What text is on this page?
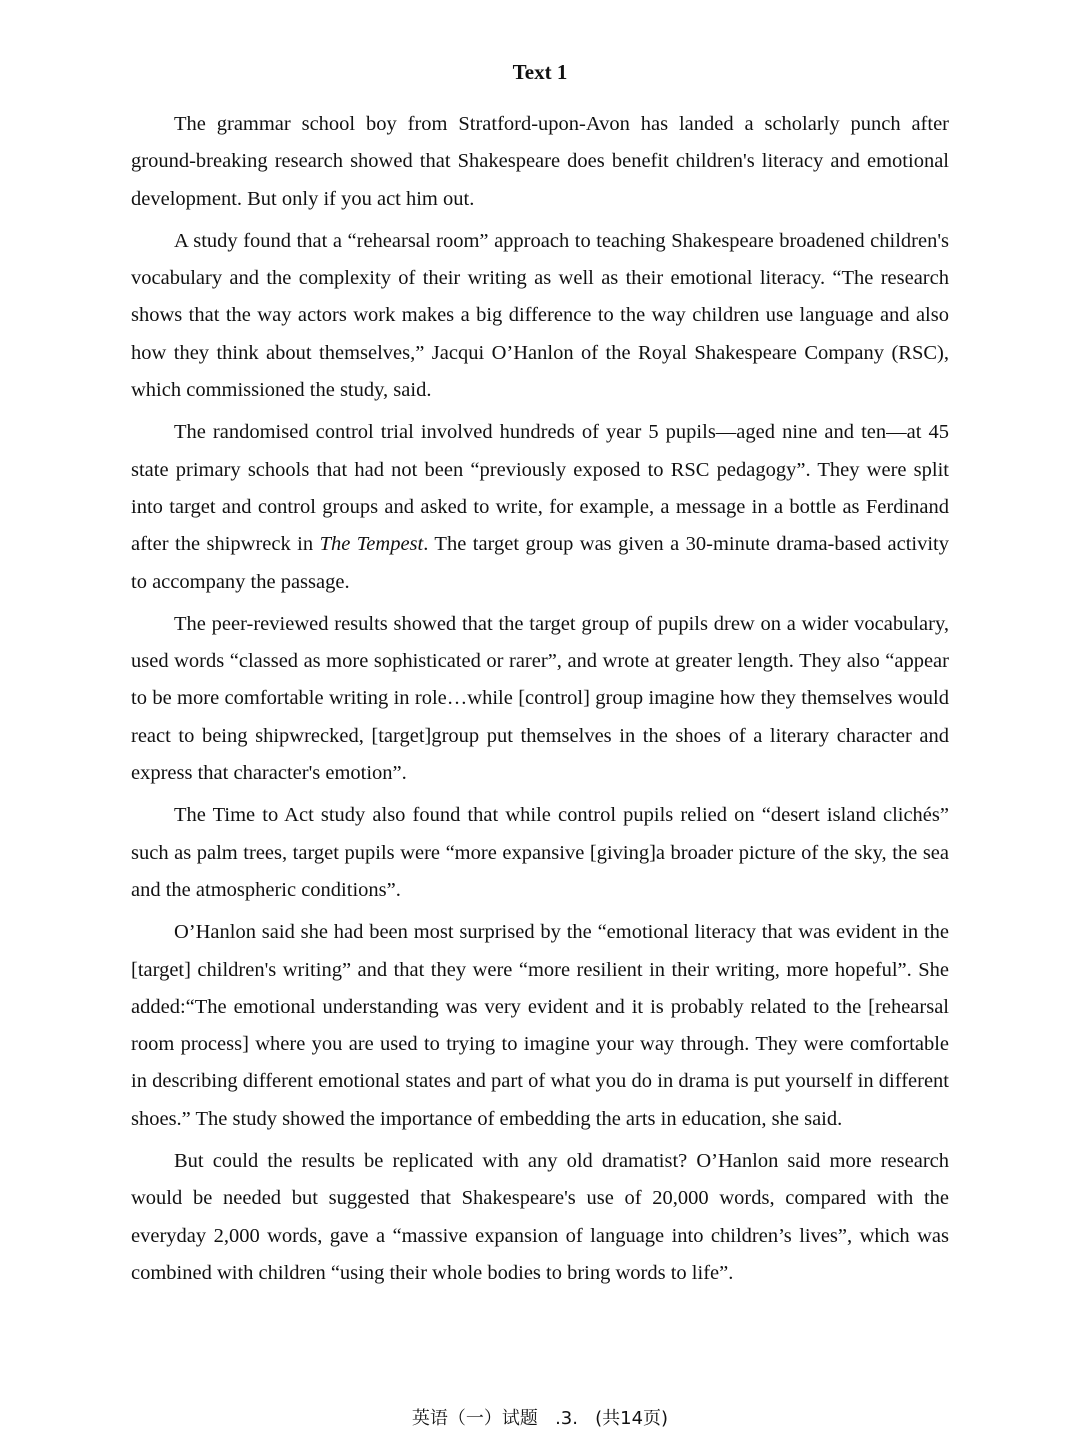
Text 1

The grammar school boy from Stratford-upon-Avon has landed a scholarly punch after ground-breaking research showed that Shakespeare does benefit children's literacy and emotional development. But only if you act him out.

A study found that a “rehearsal room” approach to teaching Shakespeare broadened children's vocabulary and the complexity of their writing as well as their emotional literacy. “The research shows that the way actors work makes a big difference to the way children use language and also how they think about themselves,” Jacqui O’Hanlon of the Royal Shakespeare Company (RSC), which commissioned the study, said.

The randomised control trial involved hundreds of year 5 pupils—aged nine and ten—at 45 state primary schools that had not been “previously exposed to RSC pedagogy”. They were split into target and control groups and asked to write, for example, a message in a bottle as Ferdinand after the shipwreck in The Tempest. The target group was given a 30-minute drama-based activity to accompany the passage.

The peer-reviewed results showed that the target group of pupils drew on a wider vocabulary, used words “classed as more sophisticated or rarer”, and wrote at greater length. They also “appear to be more comfortable writing in role…while [control] group imagine how they themselves would react to being shipwrecked, [target]group put themselves in the shoes of a literary character and express that character's emotion”.

The Time to Act study also found that while control pupils relied on “desert island clichés” such as palm trees, target pupils were “more expansive [giving]a broader picture of the sky, the sea and the atmospheric conditions”.

O’Hanlon said she had been most surprised by the “emotional literacy that was evident in the [target] children's writing” and that they were “more resilient in their writing, more hopeful”. She added:“The emotional understanding was very evident and it is probably related to the [rehearsal room process] where you are used to trying to imagine your way through. They were comfortable in describing different emotional states and part of what you do in drama is put yourself in different shoes.” The study showed the importance of embedding the arts in education, she said.

But could the results be replicated with any old dramatist? O’Hanlon said more research would be needed but suggested that Shakespeare's use of 20,000 words, compared with the everyday 2,000 words, gave a “massive expansion of language into children’s lives”, which was combined with children “using their whole bodies to bring words to life”.

英语（一）试题   .3.   (共14页)
